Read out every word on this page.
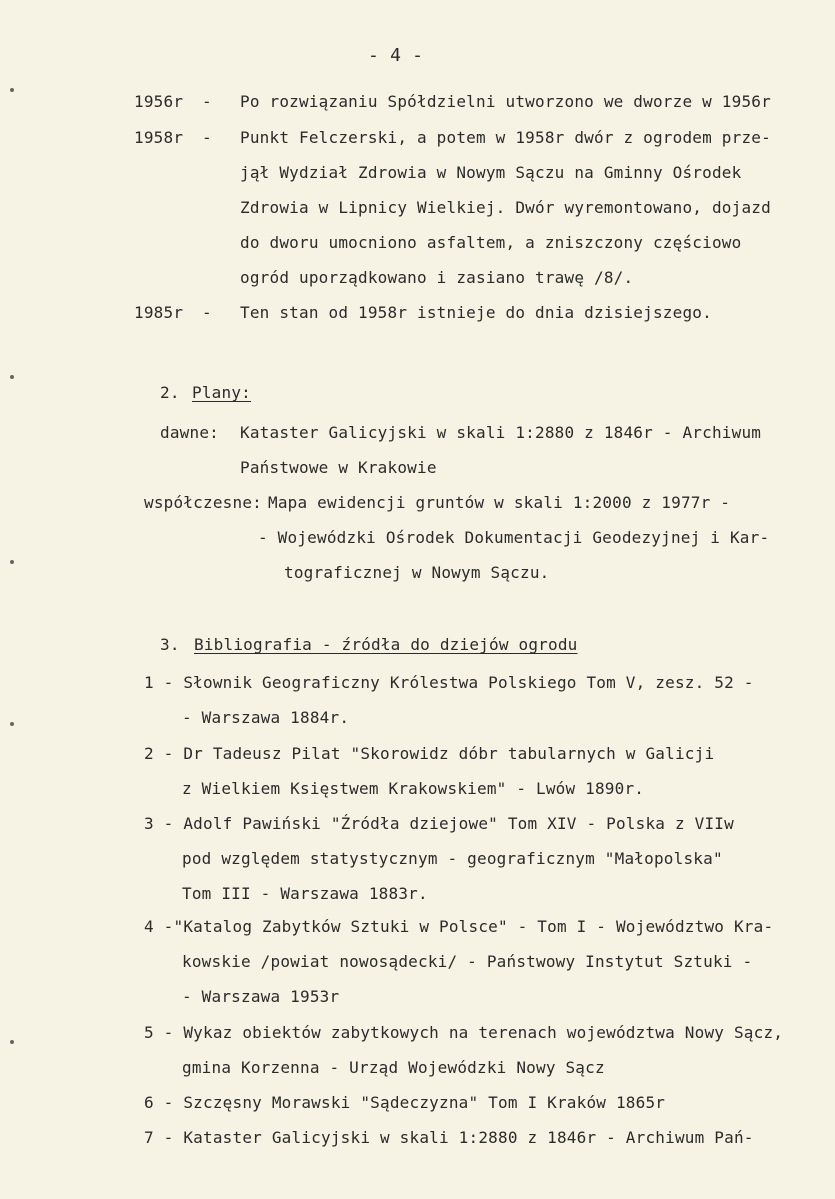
- 4 -
1956r - Po rozwiązaniu Spółdzielni utworzono we dworze w 1956r
1958r - Punkt Felczerski, a potem w 1958r dwór z ogrodem prze-
jął Wydział Zdrowia w Nowym Sączu na Gminny Ośrodek
Zdrowia w Lipnicy Wielkiej. Dwór wyremontowano, dojazd
do dworu umocniono asfaltem, a zniszczony częściowo
ogród uporządkowano i zasiano trawę /8/.
1985r - Ten stan od 1958r istnieje do dnia dzisiejszego.
2. Plany:
dawne: Kataster Galicyjski w skali 1:2880 z 1846r - Archiwum
Państwowe w Krakowie
współczesne: Mapa ewidencji gruntów w skali 1:2000 z 1977r -
- Wojewódzki Ośrodek Dokumentacji Geodezyjnej i Kar-
tograficznej w Nowym Sączu.
3. Bibliografia - źródła do dziejów ogrodu
1 - Słownik Geograficzny Królestwa Polskiego Tom V, zesz. 52 -
- Warszawa 1884r.
2 - Dr Tadeusz Pilat "Skorowidz dóbr tabularnych w Galicji
z Wielkiem Księstwem Krakowskiem" - Lwów 1890r.
3 - Adolf Pawiński "Źródła dziejowe" Tom XIV - Polska z VIIw
pod względem statystycznym - geograficznym "Małopolska"
Tom III - Warszawa 1883r.
4 -"Katalog Zabytków Sztuki w Polsce" - Tom I - Województwo Kra-
kowskie /powiat nowosądecki/ - Państwowy Instytut Sztuki -
- Warszawa 1953r
5 - Wykaz obiektów zabytkowych na terenach województwa Nowy Sącz,
gmina Korzenna - Urząd Wojewódzki Nowy Sącz
6 - Szczęsny Morawski "Sądeczyzna" Tom I Kraków 1865r
7 - Kataster Galicyjski w skali 1:2880 z 1846r - Archiwum Pań-
